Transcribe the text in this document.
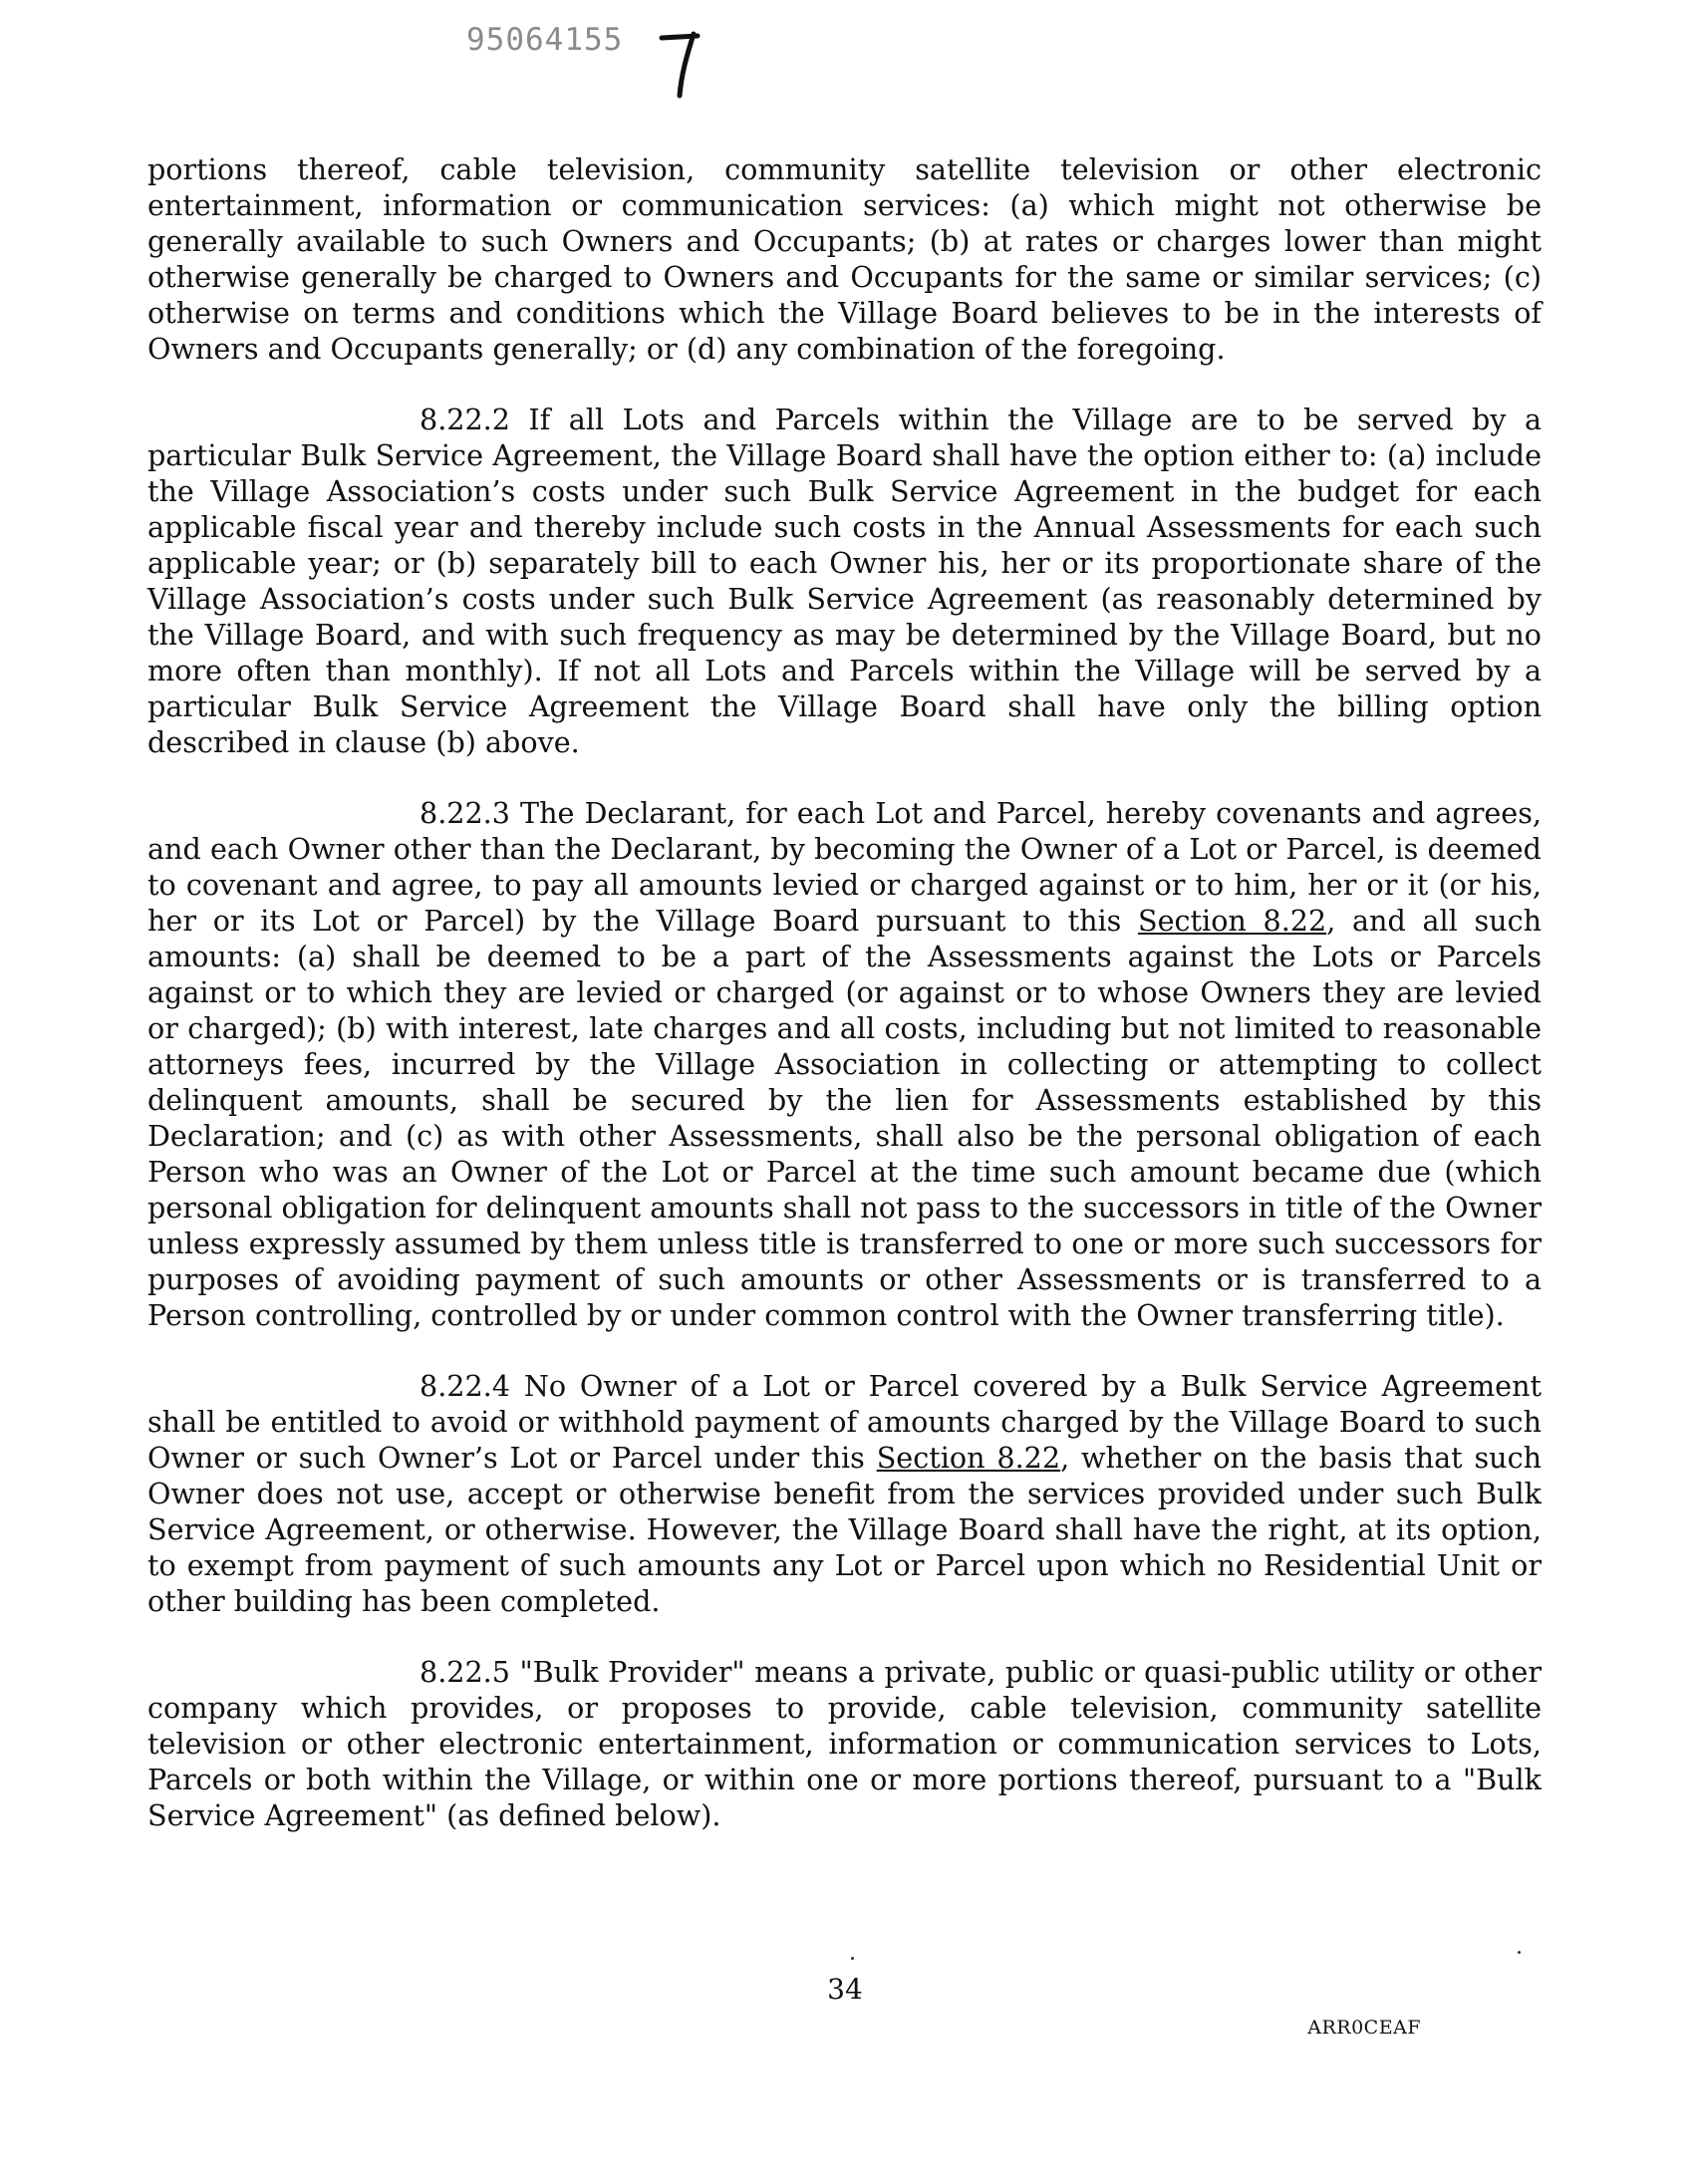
95064155

portions thereof, cable television, community satellite television or other electronic entertainment, information or communication services: (a) which might not otherwise be generally available to such Owners and Occupants; (b) at rates or charges lower than might otherwise generally be charged to Owners and Occupants for the same or similar services; (c) otherwise on terms and conditions which the Village Board believes to be in the interests of Owners and Occupants generally; or (d) any combination of the foregoing.

8.22.2 If all Lots and Parcels within the Village are to be served by a particular Bulk Service Agreement, the Village Board shall have the option either to: (a) include the Village Association’s costs under such Bulk Service Agreement in the budget for each applicable fiscal year and thereby include such costs in the Annual Assessments for each such applicable year; or (b) separately bill to each Owner his, her or its proportionate share of the Village Association’s costs under such Bulk Service Agreement (as reasonably determined by the Village Board, and with such frequency as may be determined by the Village Board, but no more often than monthly). If not all Lots and Parcels within the Village will be served by a particular Bulk Service Agreement the Village Board shall have only the billing option described in clause (b) above.

8.22.3 The Declarant, for each Lot and Parcel, hereby covenants and agrees, and each Owner other than the Declarant, by becoming the Owner of a Lot or Parcel, is deemed to covenant and agree, to pay all amounts levied or charged against or to him, her or it (or his, her or its Lot or Parcel) by the Village Board pursuant to this Section 8.22, and all such amounts: (a) shall be deemed to be a part of the Assessments against the Lots or Parcels against or to which they are levied or charged (or against or to whose Owners they are levied or charged); (b) with interest, late charges and all costs, including but not limited to reasonable attorneys fees, incurred by the Village Association in collecting or attempting to collect delinquent amounts, shall be secured by the lien for Assessments established by this Declaration; and (c) as with other Assessments, shall also be the personal obligation of each Person who was an Owner of the Lot or Parcel at the time such amount became due (which personal obligation for delinquent amounts shall not pass to the successors in title of the Owner unless expressly assumed by them unless title is transferred to one or more such successors for purposes of avoiding payment of such amounts or other Assessments or is transferred to a Person controlling, controlled by or under common control with the Owner transferring title).

8.22.4 No Owner of a Lot or Parcel covered by a Bulk Service Agreement shall be entitled to avoid or withhold payment of amounts charged by the Village Board to such Owner or such Owner’s Lot or Parcel under this Section 8.22, whether on the basis that such Owner does not use, accept or otherwise benefit from the services provided under such Bulk Service Agreement, or otherwise. However, the Village Board shall have the right, at its option, to exempt from payment of such amounts any Lot or Parcel upon which no Residential Unit or other building has been completed.

8.22.5 "Bulk Provider" means a private, public or quasi-public utility or other company which provides, or proposes to provide, cable television, community satellite television or other electronic entertainment, information or communication services to Lots, Parcels or both within the Village, or within one or more portions thereof, pursuant to a "Bulk Service Agreement" (as defined below).

34
ARR0CEAF
